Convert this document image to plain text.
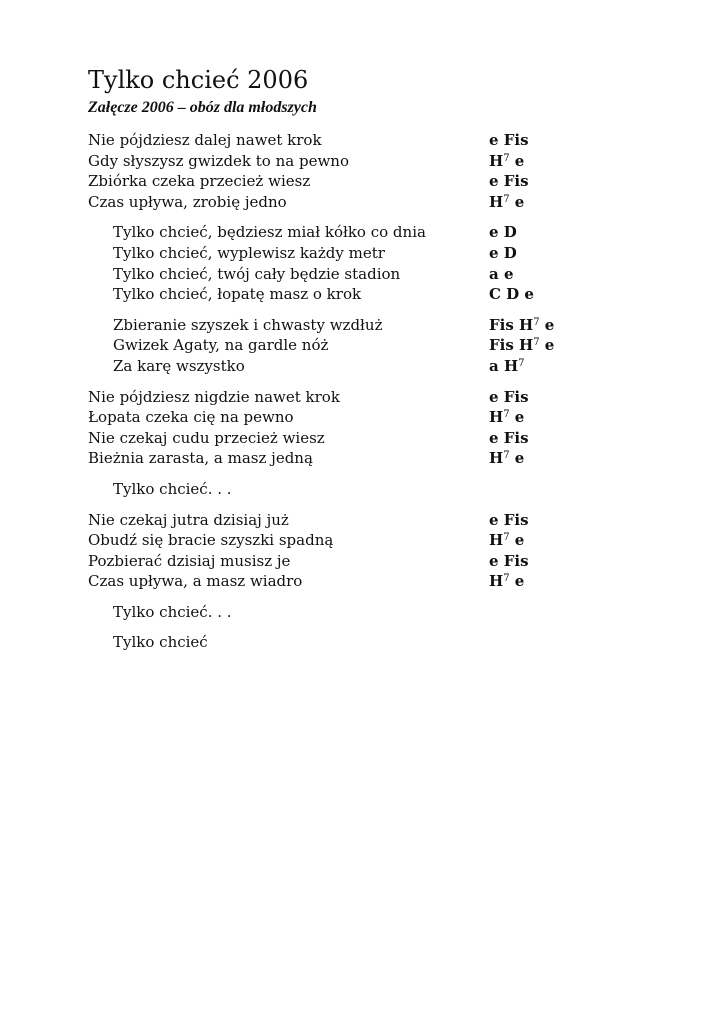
Tylko chcieć 2006
Załęcze 2006 – obóz dla młodszych
Nie pójdziesz dalej nawet krok	e Fis
Gdy słyszysz gwizdek to na pewno	$H^7$ e
Zbiórka czeka przecież wiesz	e Fis
Czas upływa, zrobię jedno	$H^7$ e
Tylko chcieć, będziesz miał kółko co dnia	e D
Tylko chcieć, wyplewisz każdy metr	e D
Tylko chcieć, twój cały będzie stadion	a e
Tylko chcieć, łopatę masz o krok	C D e
Zbieranie szyszek i chwasty wzdłuż	Fis $H^7$ e
Gwizek Agaty, na gardle nóż	Fis $H^7$ e
Za karę wszystko	a $H^7$
Nie pójdziesz nigdzie nawet krok	e Fis
Łopata czeka cię na pewno	$H^7$ e
Nie czekaj cudu przecież wiesz	e Fis
Bieżnia zarasta, a masz jedną	$H^7$ e
Tylko chcieć. . .
Nie czekaj jutra dzisiaj już	e Fis
Obudź się bracie szyszki spadną	$H^7$ e
Pozbierać dzisiaj musisz je	e Fis
Czas upływa, a masz wiadro	$H^7$ e
Tylko chcieć. . .
Tylko chcieć
